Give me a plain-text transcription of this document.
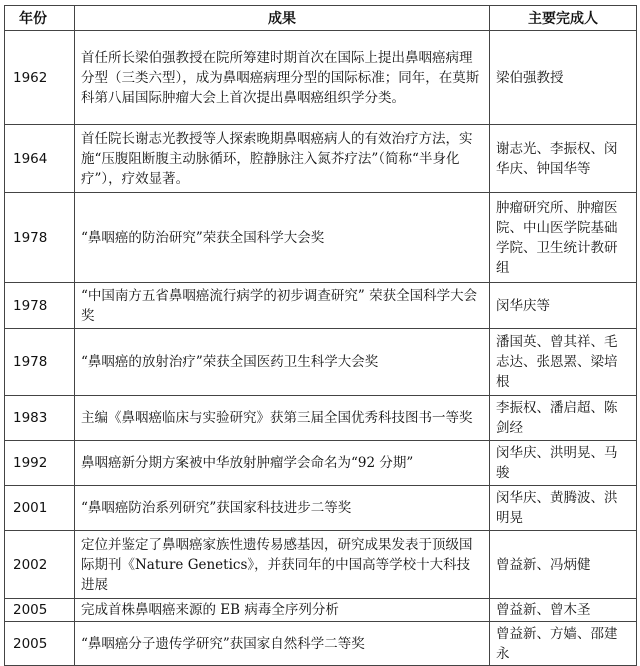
年份	成果	主要完成人
1962	首任所长梁伯强教授在院所筹建时期首次在国际上提出鼻咽癌病理分型（三类六型），成为鼻咽癌病理分型的国际标准；同年，在莫斯科第八届国际肿瘤大会上首次提出鼻咽癌组织学分类。	梁伯强教授
1964	首任院长谢志光教授等人探索晚期鼻咽癌病人的有效治疗方法，实施“压腹阻断腹主动脉循环，腔静脉注入氮芥疗法”（简称“半身化疗”），疗效显著。	谢志光、李振权、闵华庆、钟国华等
1978	“鼻咽癌的防治研究”荣获全国科学大会奖	肿瘤研究所、肿瘤医院、中山医学院基础学院、卫生统计教研组
1978	“中国南方五省鼻咽癌流行病学的初步调查研究” 荣获全国科学大会奖	闵华庆等
1978	“鼻咽癌的放射治疗”荣获全国医药卫生科学大会奖	潘国英、曾其祥、毛志达、张恩罴、梁培根
1983	主编《鼻咽癌临床与实验研究》获第三届全国优秀科技图书一等奖	李振权、潘启超、陈剑经
1992	鼻咽癌新分期方案被中华放射肿瘤学会命名为“92 分期”	闵华庆、洪明晃、马骏
2001	“鼻咽癌防治系列研究”获国家科技进步二等奖	闵华庆、黄腾波、洪明晃
2002	定位并鉴定了鼻咽癌家族性遗传易感基因，研究成果发表于顶级国际期刊《Nature Genetics》，并获同年的中国高等学校十大科技进展	曾益新、冯炳健
2005	完成首株鼻咽癌来源的 EB 病毒全序列分析	曾益新、曾木圣
2005	“鼻咽癌分子遗传学研究”获国家自然科学二等奖	曾益新、方嫱、邵建永
